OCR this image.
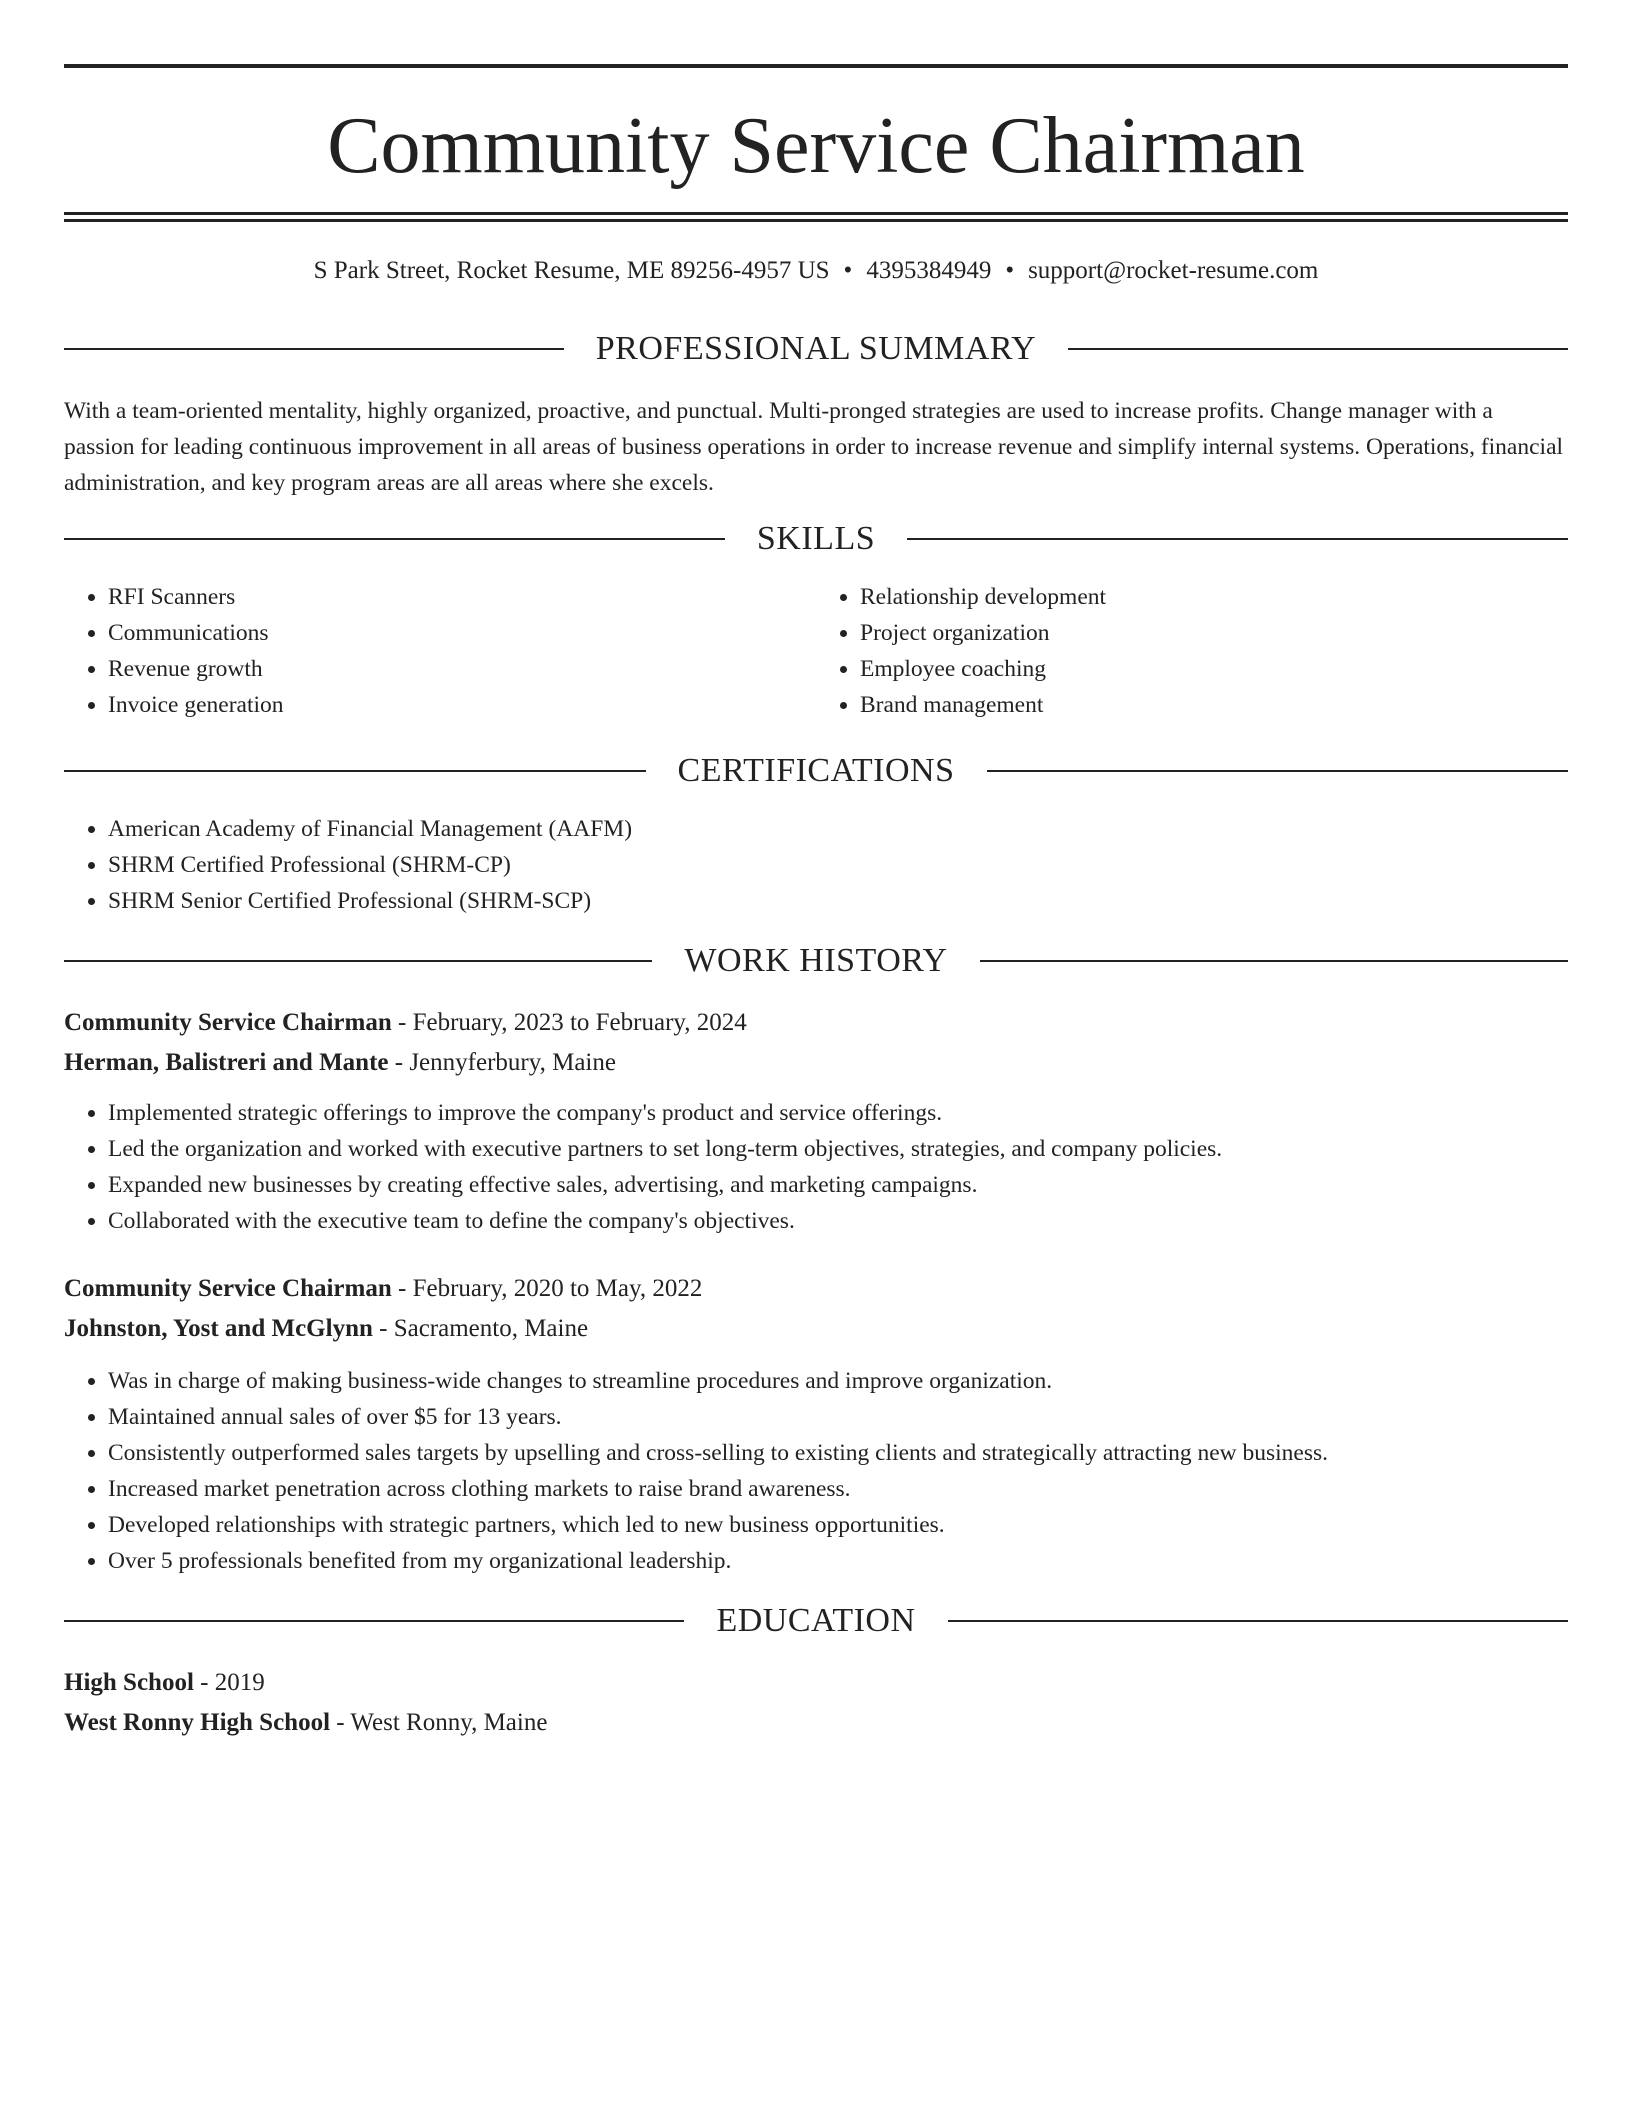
Community Service Chairman
S Park Street, Rocket Resume, ME 89256-4957 US • 4395384949 • support@rocket-resume.com
PROFESSIONAL SUMMARY

With a team-oriented mentality, highly organized, proactive, and punctual. Multi-pronged strategies are used to increase profits. Change manager with a passion for leading continuous improvement in all areas of business operations in order to increase revenue and simplify internal systems. Operations, financial administration, and key program areas are all areas where she excels.

SKILLS
• RFI Scanners
• Communications
• Revenue growth
• Invoice generation
• Relationship development
• Project organization
• Employee coaching
• Brand management
CERTIFICATIONS
• American Academy of Financial Management (AAFM)
• SHRM Certified Professional (SHRM-CP)
• SHRM Senior Certified Professional (SHRM-SCP)
WORK HISTORY
Community Service Chairman - February, 2023 to February, 2024
Herman, Balistreri and Mante - Jennyferbury, Maine
• Implemented strategic offerings to improve the company's product and service offerings.
• Led the organization and worked with executive partners to set long-term objectives, strategies, and company policies.
• Expanded new businesses by creating effective sales, advertising, and marketing campaigns.
• Collaborated with the executive team to define the company's objectives.
Community Service Chairman - February, 2020 to May, 2022
Johnston, Yost and McGlynn - Sacramento, Maine
• Was in charge of making business-wide changes to streamline procedures and improve organization.
• Maintained annual sales of over $5 for 13 years.
• Consistently outperformed sales targets by upselling and cross-selling to existing clients and strategically attracting new business.
• Increased market penetration across clothing markets to raise brand awareness.
• Developed relationships with strategic partners, which led to new business opportunities.
• Over 5 professionals benefited from my organizational leadership.
EDUCATION
High School - 2019
West Ronny High School - West Ronny, Maine
